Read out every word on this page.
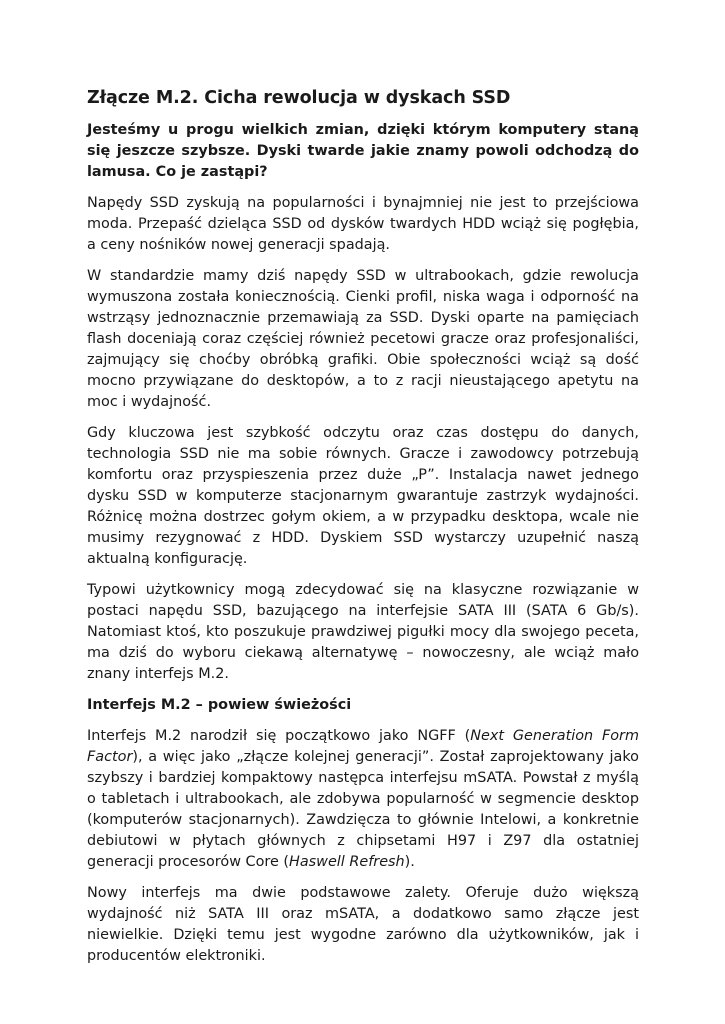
Złącze M.2. Cicha rewolucja w dyskach SSD

Jesteśmy u progu wielkich zmian, dzięki którym komputery staną się jeszcze szybsze. Dyski twarde jakie znamy powoli odchodzą do lamusa. Co je zastąpi?

Napędy SSD zyskują na popularności i bynajmniej nie jest to przejściowa moda. Przepaść dzieląca SSD od dysków twardych HDD wciąż się pogłębia, a ceny nośników nowej generacji spadają.

W standardzie mamy dziś napędy SSD w ultrabookach, gdzie rewolucja wymuszona została koniecznością. Cienki profil, niska waga i odporność na wstrząsy jednoznacznie przemawiają za SSD. Dyski oparte na pamięciach flash doceniają coraz częściej również pecetowi gracze oraz profesjonaliści, zajmujący się choćby obróbką grafiki. Obie społeczności wciąż są dość mocno przywiązane do desktopów, a to z racji nieustającego apetytu na moc i wydajność.

Gdy kluczowa jest szybkość odczytu oraz czas dostępu do danych, technologia SSD nie ma sobie równych. Gracze i zawodowcy potrzebują komfortu oraz przyspieszenia przez duże „P”. Instalacja nawet jednego dysku SSD w komputerze stacjonarnym gwarantuje zastrzyk wydajności. Różnicę można dostrzec gołym okiem, a w przypadku desktopa, wcale nie musimy rezygnować z HDD. Dyskiem SSD wystarczy uzupełnić naszą aktualną konfigurację.

Typowi użytkownicy mogą zdecydować się na klasyczne rozwiązanie w postaci napędu SSD, bazującego na interfejsie SATA III (SATA 6 Gb/s). Natomiast ktoś, kto poszukuje prawdziwej pigułki mocy dla swojego peceta, ma dziś do wyboru ciekawą alternatywę – nowoczesny, ale wciąż mało znany interfejs M.2.

Interfejs M.2 – powiew świeżości

Interfejs M.2 narodził się początkowo jako NGFF (Next Generation Form Factor), a więc jako „złącze kolejnej generacji”. Został zaprojektowany jako szybszy i bardziej kompaktowy następca interfejsu mSATA. Powstał z myślą o tabletach i ultrabookach, ale zdobywa popularność w segmencie desktop (komputerów stacjonarnych). Zawdzięcza to głównie Intelowi, a konkretnie debiutowi w płytach głównych z chipsetami H97 i Z97 dla ostatniej generacji procesorów Core (Haswell Refresh).

Nowy interfejs ma dwie podstawowe zalety. Oferuje dużo większą wydajność niż SATA III oraz mSATA, a dodatkowo samo złącze jest niewielkie. Dzięki temu jest wygodne zarówno dla użytkowników, jak i producentów elektroniki.
